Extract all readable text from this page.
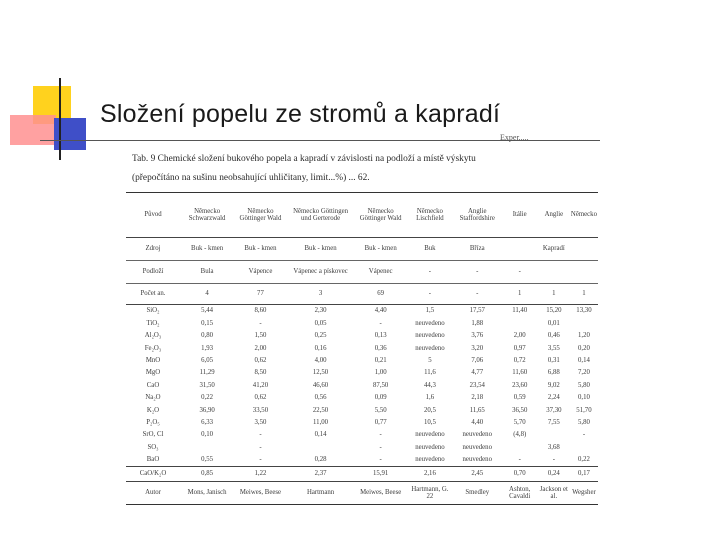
Složení popelu ze stromů a kapradí
Exper.....
Tab. 9 Chemické složení bukového popela a kapradí v závislosti na podloží a místě výskytu
(přepočítáno na sušinu neobsahující uhličitany, limit...%) ... 62.
Původ	Německo Schwarzwald	Německo Göttinger Wald	Německo Göttingen und Gerterode	Německo Göttinger Wald	Německo Lischfield	Anglie Staffordshire	Itálie	Anglie	Německo
Zdroj	Buk - kmen	Buk - kmen	Buk - kmen	Buk - kmen	Buk	Bříza		Kapradí	
Podloží	Bula	Vápence	Vápenec a pískovec	Vápenec	-	-	-		
Počet an.	4	77	3	69	-	-	1	1	1
SiO₂	5,44	8,60	2,30	4,40	1,5	17,57	11,40	15,20	13,30
TiO₂	0,15	-	0,05	-	neuvedeno	1,88		0,01	
Al₂O₃	0,80	1,50	0,25	0,13	neuvedeno	3,76	2,00	0,46	1,20
Fe₂O₃	1,93	2,00	0,16	0,36	neuvedeno	3,20	0,97	3,55	0,20
MnO	6,05	0,62	4,00	0,21	5	7,06	0,72	0,31	0,14
MgO	11,29	8,50	12,50	1,00	11,6	4,77	11,60	6,88	7,20
CaO	31,50	41,20	46,60	87,50	44,3	23,54	23,60	9,02	5,80
Na₂O	0,22	0,62	0,56	0,09	1,6	2,18	0,59	2,24	0,10
K₂O	36,90	33,50	22,50	5,50	20,5	11,65	36,50	37,30	51,70
P₂O₅	6,33	3,50	11,00	0,77	10,5	4,40	5,70	7,55	5,80
SrO, Cl	0,10	-	0,14	-	neuvedeno	neuvedeno	(4,8)		-
SO₃		-		-	neuvedeno	neuvedeno		3,68	
BaO	0,55	-	0,28	-	neuvedeno	neuvedeno	-	-	0,22
CaO/K₂O	0,85	1,22	2,37	15,91	2,16	2,45	0,70	0,24	0,17
Autor	Mons, Janisch	Meiwes, Beese	Hartmann	Meiwes, Beese	Hartmann, G. 22	Smedley	Ashton, Cavaldi	Jackson et al.	Wegsher
